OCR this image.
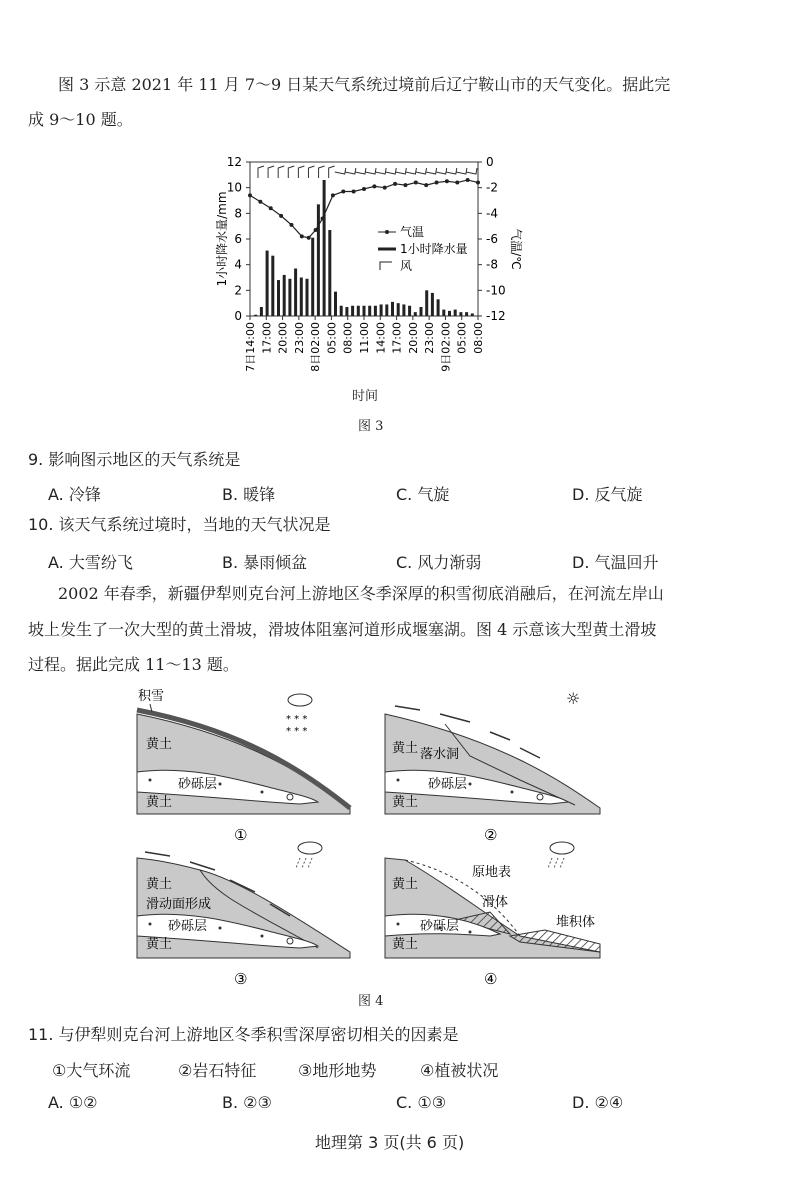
图 3 示意 2021 年 11 月 7～9 日某天气系统过境前后辽宁鞍山市的天气变化。据此完
成 9～10 题。
0
2
4
6
8
10
12	0
-2
-4
-6
-8
-10
-12
1小时降水量/mm	气温/℃
7日14:00 17:00 20:00 23:00 8日02:00 05:00 08:00 11:00 14:00 17:00 20:00 23:00 9日02:00 05:00 08:00
气温
1小时降水量
风
时间
图 3
9. 影响图示地区的天气系统是
A. 冷锋	B. 暖锋	C. 气旋	D. 反气旋
10. 该天气系统过境时，当地的天气状况是
A. 大雪纷飞	B. 暴雨倾盆	C. 风力渐弱	D. 气温回升
2002 年春季，新疆伊犁则克台河上游地区冬季深厚的积雪彻底消融后，在河流左岸山
坡上发生了一次大型的黄土滑坡，滑坡体阻塞河道形成堰塞湖。图 4 示意该大型黄土滑坡
过程。据此完成 11～13 题。
黄土
砂砾层
黄土
积雪
* * *
* * *
①
黄土 落水洞
砂砾层
黄土
☼
②
黄土
滑动面形成
砂砾层
黄土
③
黄土
原地表
滑体
砂砾层
黄土
堆积体
④
图 4
11. 与伊犁则克台河上游地区冬季积雪深厚密切相关的因素是
①大气环流	②岩石特征	③地形地势	④植被状况
A. ①②	B. ②③	C. ①③	D. ②④
地理第 3 页(共 6 页)
